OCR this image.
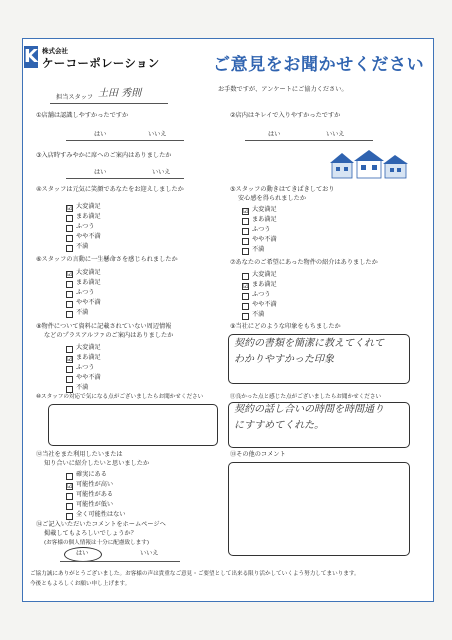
K 株式会社
ケーコーポレーション	ご意見をお聞かせください
お手数ですが、アンケートにご協力ください。
担当スタッフ 土田 秀則
①店舗は認識しやすかったですか
はい	いいえ
②店内はキレイで入りやすかったですか
はい	いいえ
③入店時すみやかに席へのご案内はありましたか
はい	いいえ
④スタッフは元気に笑顔であなたをお迎えしましたか
☑ 大変満足
まあ満足
ふつう
やや不満
不満
⑤スタッフの動きはてきぱきしており
安心感を得られましたか
☑ 大変満足
まあ満足
ふつう
やや不満
不満
⑥スタッフの言動に一生懸命さを感じられましたか
☑ 大変満足
まあ満足
ふつう
やや不満
不満
⑦あなたのご希望にあった物件の紹介はありましたか
大変満足
☑ まあ満足
ふつう
やや不満
不満
⑧物件について資料に記載されていない周辺情報
などのプラスアルファのご案内はありましたか
大変満足
☑ まあ満足
ふつう
やや不満
不満
⑨当社にどのような印象をもちましたか
契約の書類を簡潔に教えてくれて
わかりやすかった印象
⑩スタッフの対応で気になる点がございましたらお聞かせください	⑪良かった点と感じた点がございましたらお聞かせください
契約の話し合いの時間を時間通り
にすすめてくれた。
⑫当社をまた利用したいまたは
知り合いに紹介したいと思いましたか
確実にある
☑ 可能性が高い
可能性がある
可能性が低い
全く可能性はない
⑬その他のコメント
⑭ご記入いただいたコメントをホームページへ
掲載してもよろしいでしょうか？
(お客様の個人情報は十分に配慮致します)
はい	いいえ
ご協力誠にありがとうございました。お客様の声は貴重なご意見・ご要望として出来る限り活かしていくよう努力してまいります。
今後ともよろしくお願い申し上げます。
